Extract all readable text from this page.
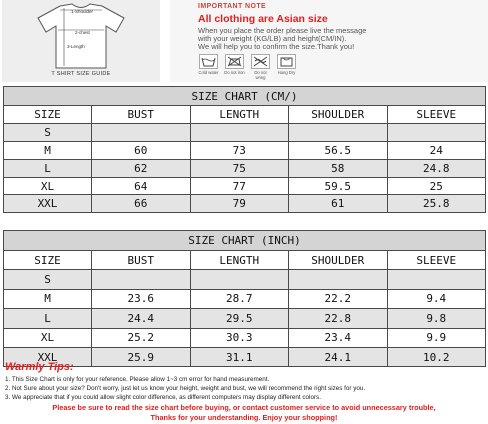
1-Shoulder
2-chest
3-Length
T SHIRT SIZE GUIDE
IMPORTANT NOTE
All clothing are Asian size
When you place the order please live the message
with your weight (KG/LB) and height(CM/IN).
We will help you to confirm the size.Thank you!
Cold water Do not iron	Do not wring
Hang Dry
SIZE CHART (CM/)				
SIZE	BUST	LENGTH	SHOULDER	SLEEVE
S				
M	60	73	56.5	24
L	62	75	58	24.8
XL	64	77	59.5	25
XXL	66	79	61	25.8
SIZE CHART (INCH)				
SIZE	BUST	LENGTH	SHOULDER	SLEEVE
S				
M	23.6	28.7	22.2	9.4
L	24.4	29.5	22.8	9.8
XL	25.2	30.3	23.4	9.9
XXL	25.9	31.1	24.1	10.2
Warmly Tips:
1. This Size Chart is only for your reference. Please allow 1~3 cm error for hand measurement.
2. Not Sure about your size? Don't worry, just let us know your height, weight and bust, we will recommend the right sizes for you.
3. We appreciate that if you could allow slight color difference, as different computers may display different colors.
Please be sure to read the size chart before buying, or contact customer service to avoid unnecessary trouble,
Thanks for your understanding. Enjoy your shopping!
